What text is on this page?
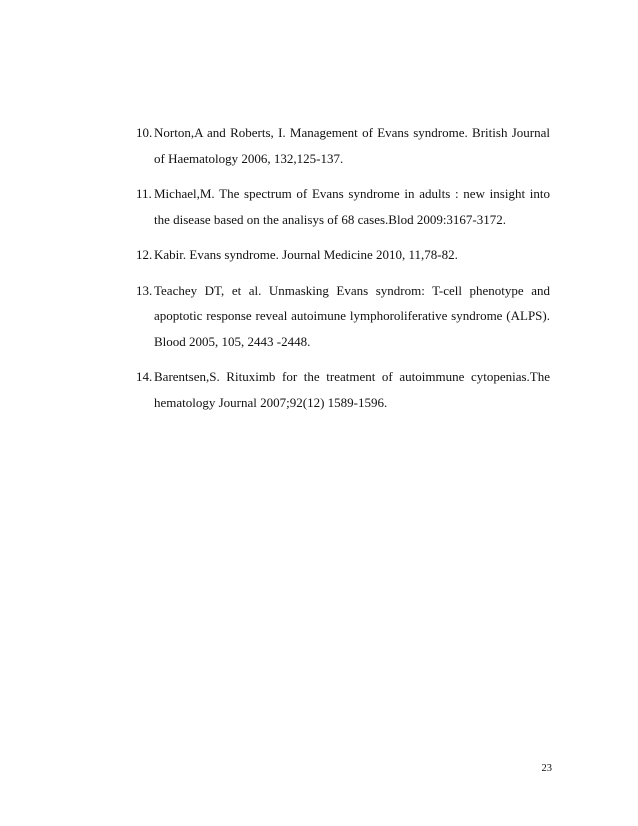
10. Norton,A and Roberts, I. Management of Evans syndrome. British Journal of Haematology 2006, 132,125-137.
11. Michael,M. The spectrum of Evans syndrome in adults : new insight into the disease based on the analisys of 68 cases.Blod 2009:3167-3172.
12. Kabir. Evans syndrome. Journal Medicine 2010, 11,78-82.
13. Teachey DT, et al. Unmasking Evans syndrom: T-cell phenotype and apoptotic response reveal autoimune lymphoroliferative syndrome (ALPS). Blood 2005, 105, 2443 -2448.
14. Barentsen,S. Rituximb for the treatment of autoimmune cytopenias.The hematology Journal 2007;92(12) 1589-1596.
23
